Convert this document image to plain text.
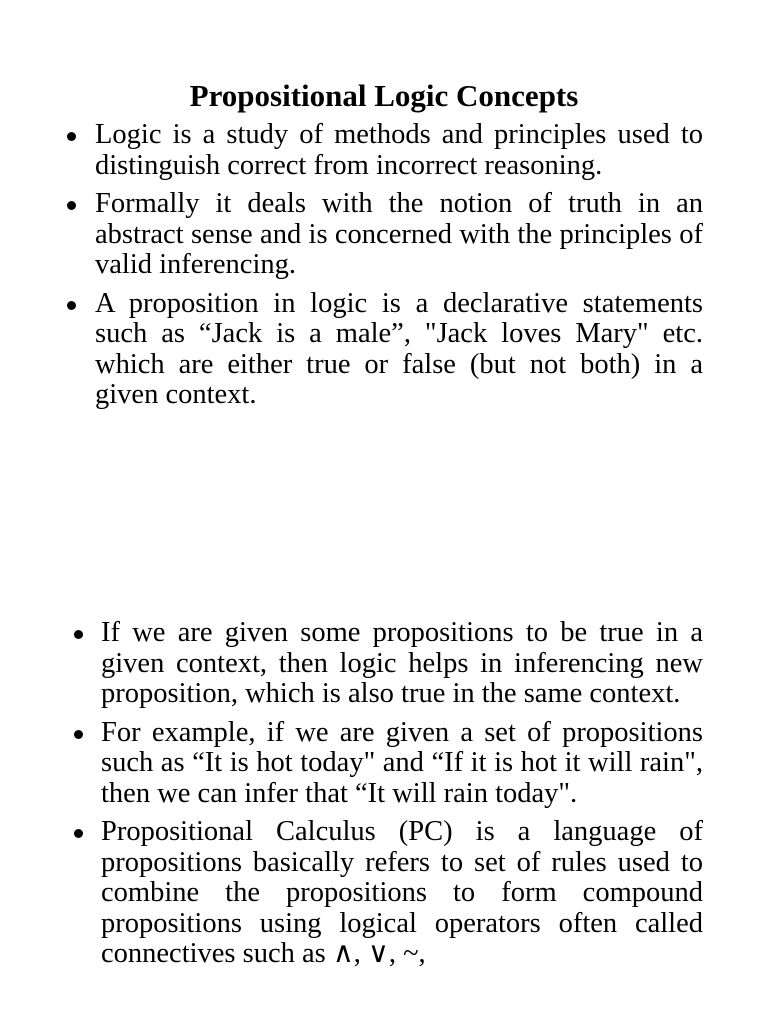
Propositional Logic Concepts
Logic is a study of methods and principles used to distinguish correct from incorrect reasoning.
Formally it deals with the notion of truth in an abstract sense and is concerned with the principles of valid inferencing.
A proposition in logic is a declarative statements such as “Jack is a male”, "Jack loves Mary" etc. which are either true or false (but not both) in a given context.
If we are given some propositions to be true in a given context, then logic helps in inferencing new proposition, which is also true in the same context.
For example, if we are given a set of propositions such as “It is hot today" and “If it is hot it will rain", then we can infer that “It will rain today".
Propositional Calculus (PC) is a language of propositions basically refers to set of rules used to combine the propositions to form compound propositions using logical operators often called connectives such as ∧, ∨, ~,
